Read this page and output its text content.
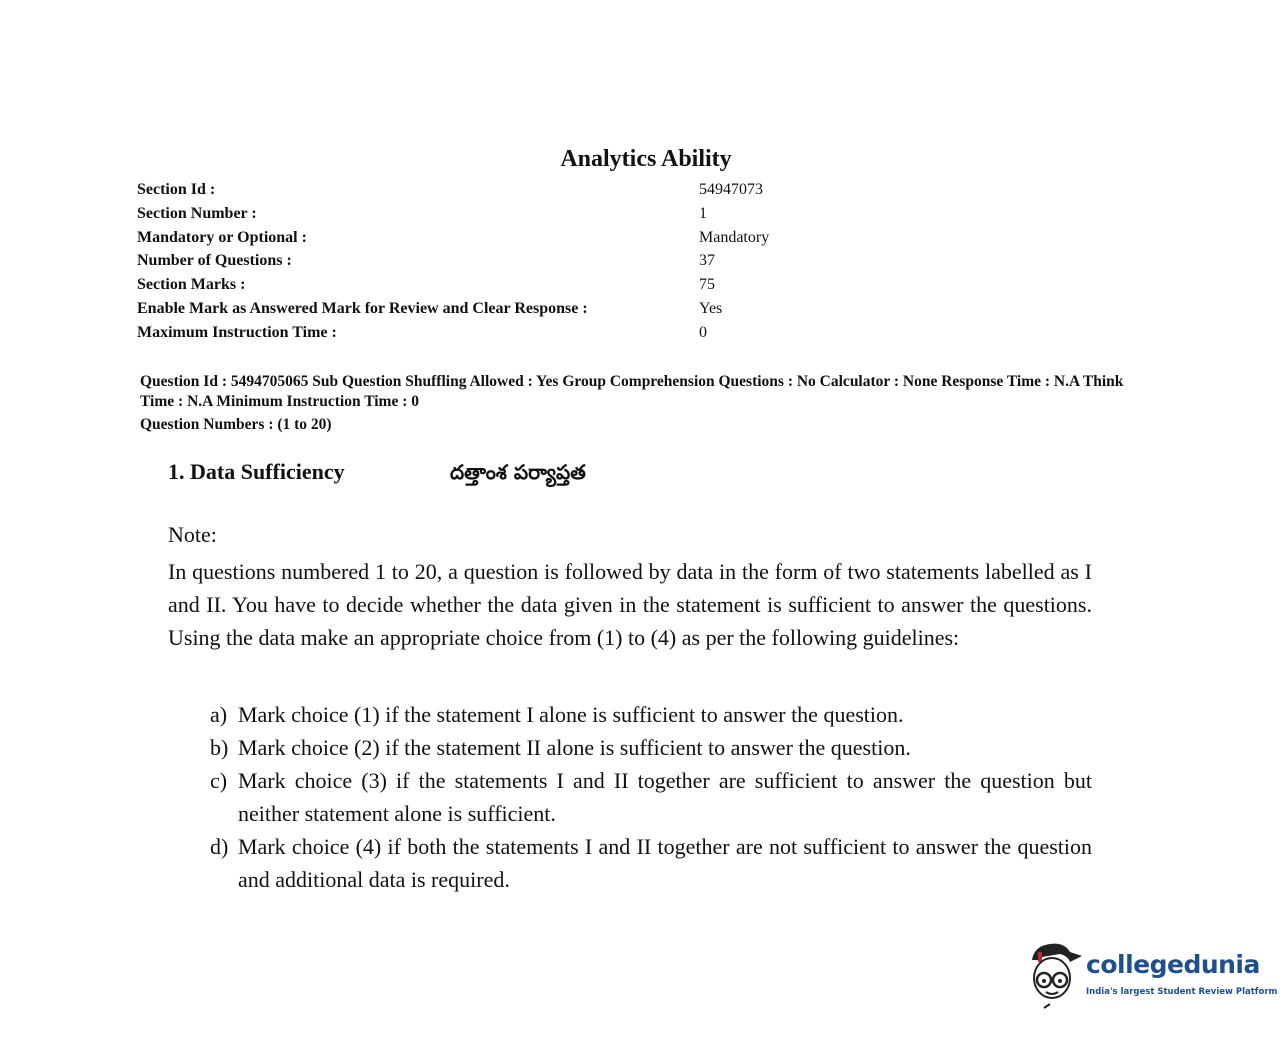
Analytics Ability
Section Id :	54947073
Section Number :	1
Mandatory or Optional :	Mandatory
Number of Questions :	37
Section Marks :	75
Enable Mark as Answered Mark for Review and Clear Response :	Yes
Maximum Instruction Time :	0
Question Id : 5494705065 Sub Question Shuffling Allowed : Yes Group Comprehension Questions : No Calculator : None Response Time : N.A Think Time : N.A Minimum Instruction Time : 0
Question Numbers : (1 to 20)
1. Data Sufficiency	దత్తాంశ పర్యాప్తత
Note:
In questions numbered 1 to 20, a question is followed by data in the form of two statements labelled as I and II. You have to decide whether the data given in the statement is sufficient to answer the questions. Using the data make an appropriate choice from (1) to (4) as per the following guidelines:
a) Mark choice (1) if the statement I alone is sufficient to answer the question.
b) Mark choice (2) if the statement II alone is sufficient to answer the question.
c) Mark choice (3) if the statements I and II together are sufficient to answer the question but neither statement alone is sufficient.
d) Mark choice (4) if both the statements I and II together are not sufficient to answer the question and additional data is required.
collegedunia
India's largest Student Review Platform
